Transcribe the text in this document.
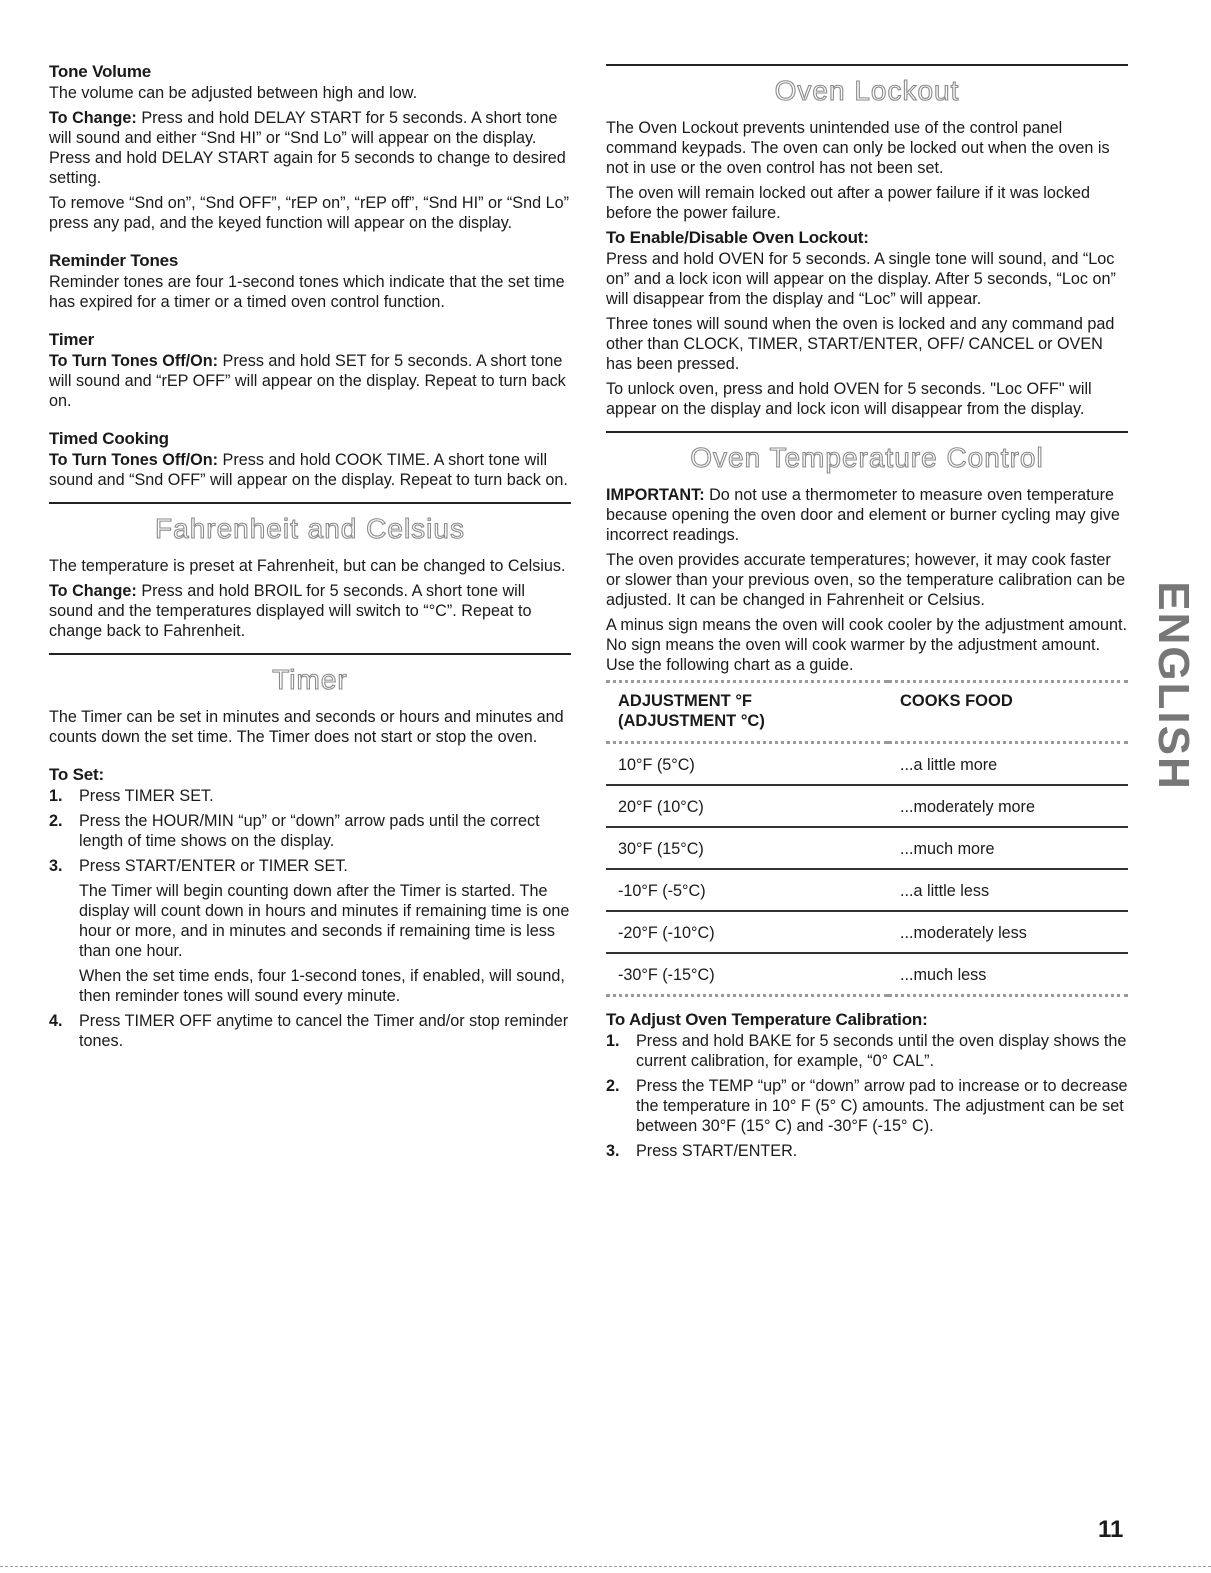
Tone Volume

The volume can be adjusted between high and low.

To Change: Press and hold DELAY START for 5 seconds. A short tone will sound and either “Snd HI” or “Snd Lo” will appear on the display. Press and hold DELAY START again for 5 seconds to change to desired setting.

To remove “Snd on”, “Snd OFF”, “rEP on”, “rEP off”, “Snd HI” or “Snd Lo” press any pad, and the keyed function will appear on the display.

Reminder Tones

Reminder tones are four 1-second tones which indicate that the set time has expired for a timer or a timed oven control function.

Timer

To Turn Tones Off/On: Press and hold SET for 5 seconds. A short tone will sound and “rEP OFF” will appear on the display. Repeat to turn back on.

Timed Cooking

To Turn Tones Off/On: Press and hold COOK TIME. A short tone will sound and “Snd OFF” will appear on the display. Repeat to turn back on.

Fahrenheit and Celsius

The temperature is preset at Fahrenheit, but can be changed to Celsius.

To Change: Press and hold BROIL for 5 seconds. A short tone will sound and the temperatures displayed will switch to “°C”. Repeat to change back to Fahrenheit.

Timer

The Timer can be set in minutes and seconds or hours and minutes and counts down the set time. The Timer does not start or stop the oven.

To Set:
1. Press TIMER SET.
2. Press the HOUR/MIN “up” or “down” arrow pads until the correct length of time shows on the display.
3. Press START/ENTER or TIMER SET.

The Timer will begin counting down after the Timer is started. The display will count down in hours and minutes if remaining time is one hour or more, and in minutes and seconds if remaining time is less than one hour.

When the set time ends, four 1-second tones, if enabled, will sound, then reminder tones will sound every minute.

4. Press TIMER OFF anytime to cancel the Timer and/or stop reminder tones.
Oven Lockout

The Oven Lockout prevents unintended use of the control panel command keypads. The oven can only be locked out when the oven is not in use or the oven control has not been set.

The oven will remain locked out after a power failure if it was locked before the power failure.

To Enable/Disable Oven Lockout:

Press and hold OVEN for 5 seconds. A single tone will sound, and “Loc on” and a lock icon will appear on the display. After 5 seconds, “Loc on” will disappear from the display and “Loc” will appear.

Three tones will sound when the oven is locked and any command pad other than CLOCK, TIMER, START/ENTER, OFF/ CANCEL or OVEN has been pressed.

To unlock oven, press and hold OVEN for 5 seconds. "Loc OFF" will appear on the display and lock icon will disappear from the display.

Oven Temperature Control

IMPORTANT: Do not use a thermometer to measure oven temperature because opening the oven door and element or burner cycling may give incorrect readings.

The oven provides accurate temperatures; however, it may cook faster or slower than your previous oven, so the temperature calibration can be adjusted. It can be changed in Fahrenheit or Celsius.

A minus sign means the oven will cook cooler by the adjustment amount. No sign means the oven will cook warmer by the adjustment amount. Use the following chart as a guide.

ADJUSTMENT °F
(ADJUSTMENT °C)	COOKS FOOD
10°F (5°C)	...a little more
20°F (10°C)	...moderately more
30°F (15°C)	...much more
-10°F (-5°C)	...a little less
-20°F (-10°C)	...moderately less
-30°F (-15°C)	...much less
To Adjust Oven Temperature Calibration:
1. Press and hold BAKE for 5 seconds until the oven display shows the current calibration, for example, “0° CAL”.
2. Press the TEMP “up” or “down” arrow pad to increase or to decrease the temperature in 10° F (5° C) amounts. The adjustment can be set between 30°F (15° C) and -30°F (-15° C).
3. Press START/ENTER.
ENGLISH
11
